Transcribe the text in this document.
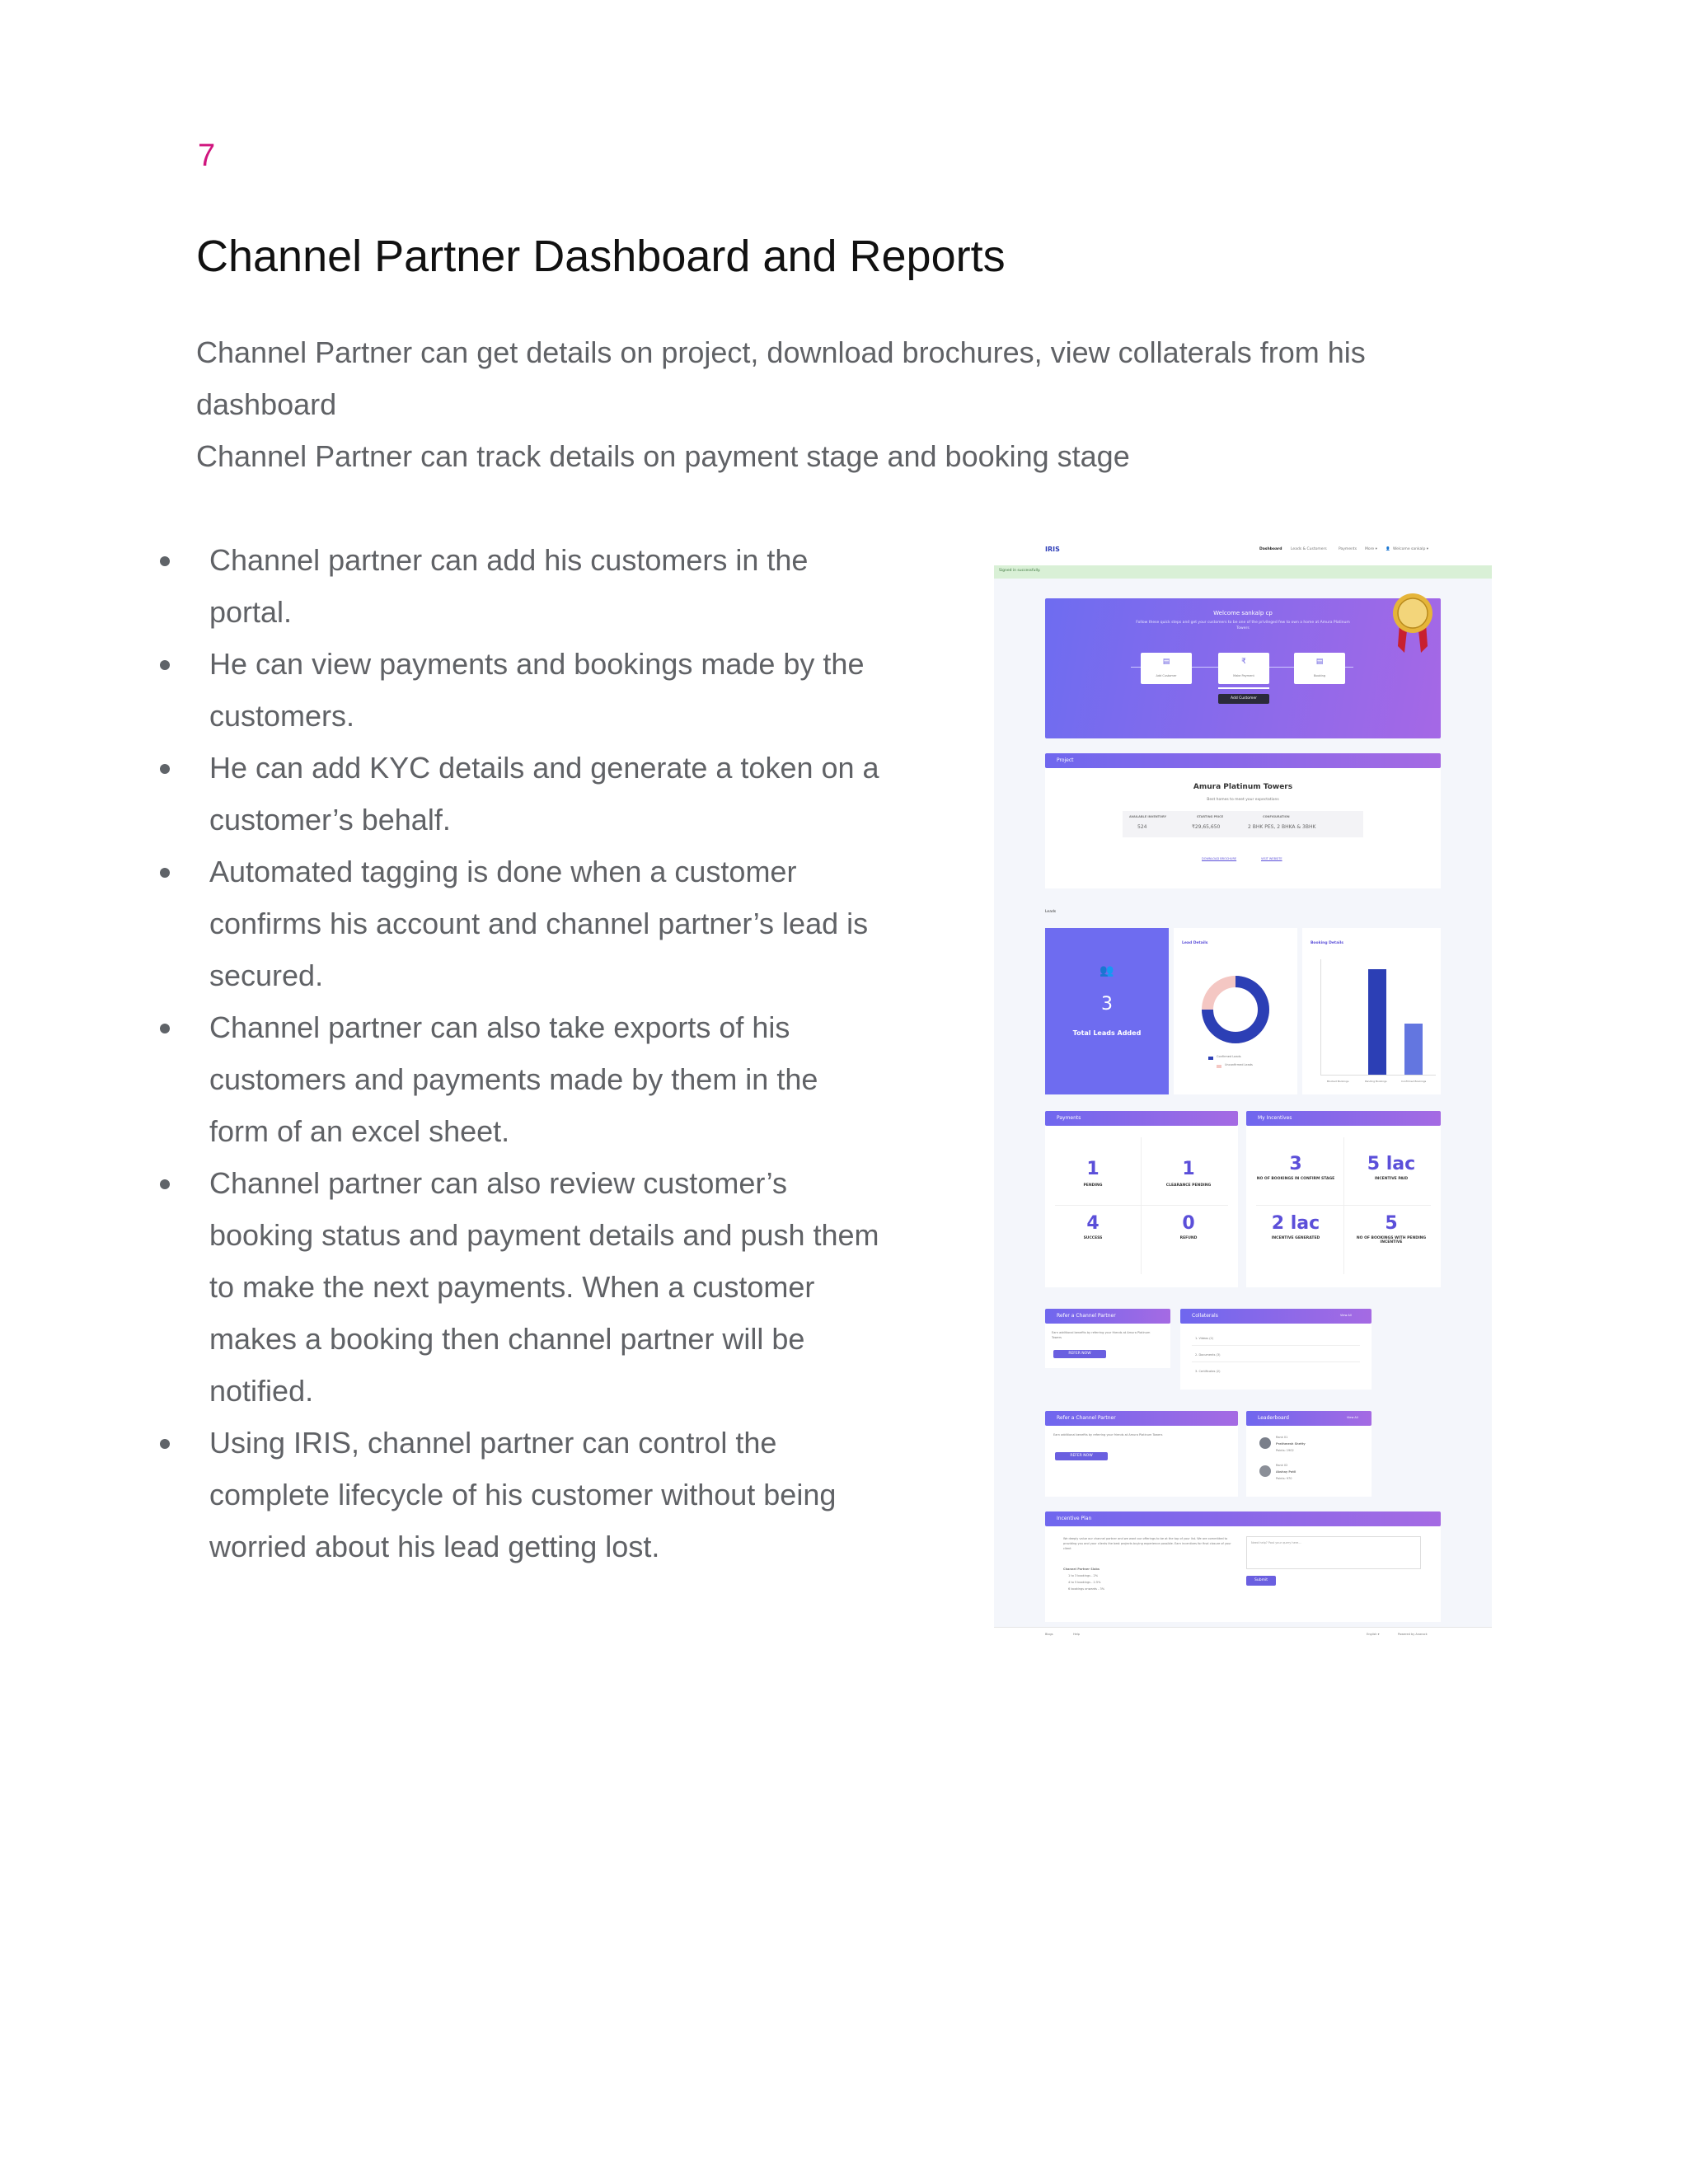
7
Channel Partner Dashboard and Reports
Channel Partner can get details on project, download brochures, view collaterals from his dashboard
Channel Partner can track details on payment stage and booking stage
Channel partner can add his customers in the portal.
He can view payments and bookings made by the customers.
He can add KYC details and generate a token on a customer’s behalf.
Automated tagging is done when a customer confirms his account and channel partner’s lead is secured.
Channel partner can also take exports of his customers and payments made by them in the form of an excel sheet.
Channel partner can also review customer’s booking status and payment details and push them to make the next payments. When a customer makes a booking then channel partner will be notified.
Using IRIS, channel partner can control the complete lifecycle of his customer without being worried about his lead getting lost.
IRIS	Dashboard Leads & Customers	Payments More ▾ 👤 Welcome sankalp ▾
Signed in successfully.
Welcome sankalp cp
Follow these quick steps and get your customers to be one of the privileged few to own a home at Amura Platinum Towers
▤	₹	▤
Add Customer	Make Payment	Booking
Add Customer
Project
Amura Platinum Towers
Best homes to meet your expectations
AVAILABLE INVENTORY
524
STARTING PRICE
₹29,65,650
CONFIGURATION
2 BHK PES, 2 BHKA & 3BHK
DOWNLOAD BROCHURE	VISIT WEBSITE
Leads
👥
3
Total Leads Added
Lead Details
Confirmed Leads
Unconfirmed Leads
Booking Details
Blocked Bookings	Pending Bookings	Confirmed Bookings
Payments
1
PENDING
1
CLEARANCE PENDING
4
SUCCESS
0
REFUND
My Incentives
3
NO OF BOOKINGS IN CONFIRM STAGE
5 lac
INCENTIVE PAID
2 lac
INCENTIVE GENERATED
5
NO OF BOOKINGS WITH PENDING INCENTIVE
Refer a Channel Partner
Earn additional benefits by referring your friends at Amura Platinum Towers
REFER NOW
Collaterals	View All
1. Videos (2)
2. Documents (3)
3. Certificates (2)
Refer a Channel Partner
Earn additional benefits by referring your friends at Amura Platinum Towers
REFER NOW
Leaderboard	View All
Rank 01
Prathmesh Shetty
Points: 1902
Rank 02
Akshay Patil
Points: 970
Incentive Plan
We deeply value our channel partner and we want our offerings to be at the top of your list. We are committed to providing you and your clients the best projects buying experience possible. Earn incentives for final closure of your client
Channel Partner Slabs
1 to 3 bookings - 2%
4 to 5 bookings - 2.5%
6 bookings onwards - 3%
Need help? Post your query here...
Submit
Blogs	Help	English ▾	Powered by Anarock
